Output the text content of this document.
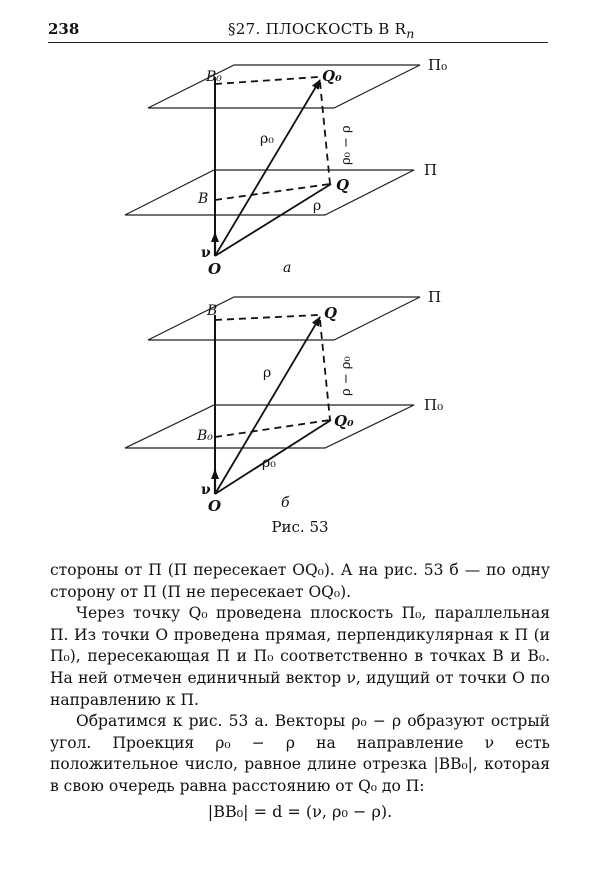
238	§27. ПЛОСКОСТЬ В $R_n$
П₀
П
B₀	Q₀
ρ₀	ρ₀ − ρ
B
Q
ρ
ν
O	а
П
П₀
B	Q
ρ	ρ − ρ₀
B₀
Q₀
ρ₀
ν
O	б
Рис. 53

стороны от П (П пересекает OQ₀). А на рис. 53 б — по одну сторону от П (П не пересекает OQ₀).

Через точку Q₀ проведена плоскость П₀, параллельная П. Из точки O проведена прямая, перпендикулярная к П (и П₀), пересекающая П и П₀ соответственно в точках B и B₀. На ней отмечен единичный вектор ν, идущий от точки O по направлению к П.

Обратимся к рис. 53 а. Векторы ρ₀ − ρ образуют острый угол. Проекция ρ₀ − ρ на направление ν есть положительное число, равное длине отрезка |BB₀|, которая в свою очередь равна расстоянию от Q₀ до П:

|BB₀| = d = (ν, ρ₀ − ρ).
